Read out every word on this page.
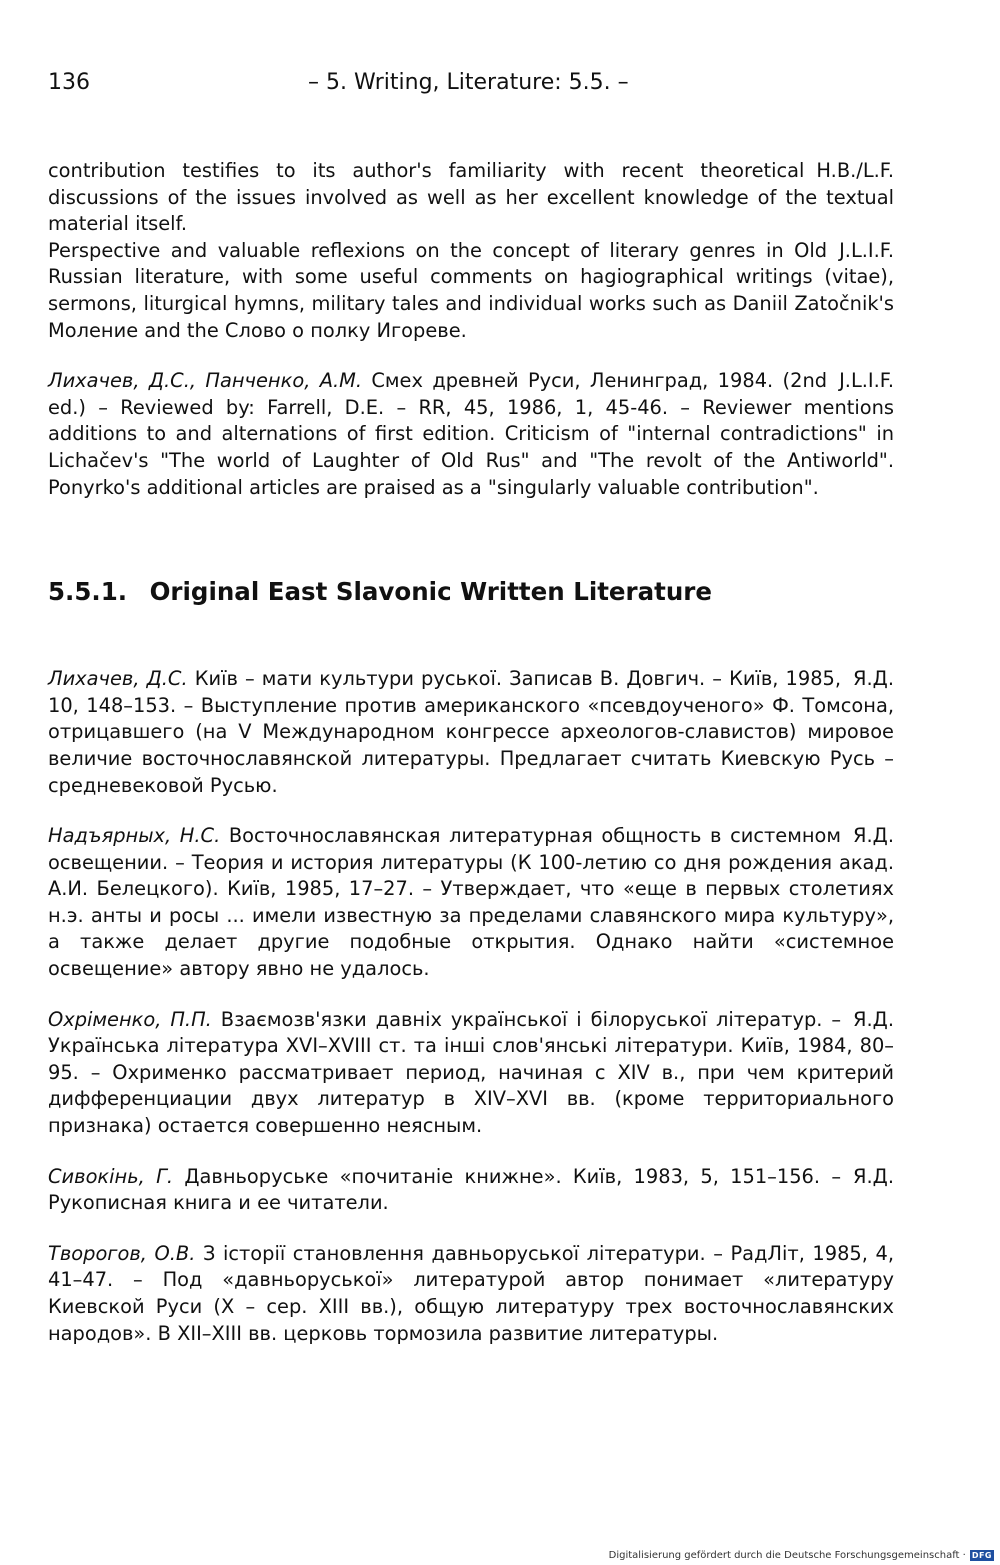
136	– 5. Writing, Literature: 5.5. –
H.B./L.F.
contribution testifies to its author's familiarity with recent theoretical discussions of the issues involved as well as her excellent knowledge of the textual material itself.
J.L.I.F.
Perspective and valuable reflexions on the concept of literary genres in Old Russian literature, with some useful comments on hagiographical writings (vitae), sermons, liturgical hymns, military tales and individual works such as Daniil Zatočnik's Моление and the Слово о полку Игореве.
J.L.I.F.
Лихачев, Д.С., Панченко, А.М. Смех древней Руси, Ленинград, 1984. (2nd ed.) – Reviewed by: Farrell, D.E. – RR, 45, 1986, 1, 45-46. – Reviewer mentions additions to and alternations of first edition. Criticism of "internal contradictions" in Lichačev's "The world of Laughter of Old Rus" and "The revolt of the Antiworld". Ponyrko's additional articles are praised as a "singularly valuable contribution".
5.5.1. Original East Slavonic Written Literature
Я.Д.
Лихачев, Д.С. Київ – мати культури руської. Записав В. Довгич. – Київ, 1985, 10, 148–153. – Выступление против американского «псевдоученого» Ф. Томсона, отрицавшего (на V Международном конгрессе археологов-славистов) мировое величие восточнославянской литературы. Предлагает считать Киевскую Русь – средневековой Русью.
Я.Д.
Надъярных, Н.С. Восточнославянская литературная общность в системном освещении. – Теория и история литературы (К 100-летию со дня рождения акад. А.И. Белецкого). Київ, 1985, 17–27. – Утверждает, что «еще в первых столетиях н.э. анты и росы ... имели известную за пределами славянского мира культуру», а также делает другие подобные открытия. Однако найти «системное освещение» автору явно не удалось.
Я.Д.
Охріменко, П.П. Взаємозв'язки давніх української і білоруської літератур. – Українська література XVI–XVIII ст. та інші слов'янські літератури. Київ, 1984, 80–95. – Охрименко рассматривает период, начиная с XIV в., при чем критерий дифференциации двух литератур в XIV–XVI вв. (кроме территориального признака) остается совершенно неясным.
Я.Д.
Сивокінь, Г. Давньоруське «почитаніе книжне». Київ, 1983, 5, 151–156. – Рукописная книга и ее читатели.
Творогов, О.В. З історії становлення давньоруської літератури. – РадЛіт, 1985, 4, 41–47. – Под «давньоруської» литературой автор понимает «литературу Киевской Руси (X – сер. XIII вв.), общую литературу трех восточнославянских народов». В XII–XIII вв. церковь тормозила развитие литературы.
Digitalisierung gefördert durch die Deutsche Forschungsgemeinschaft · DFG
